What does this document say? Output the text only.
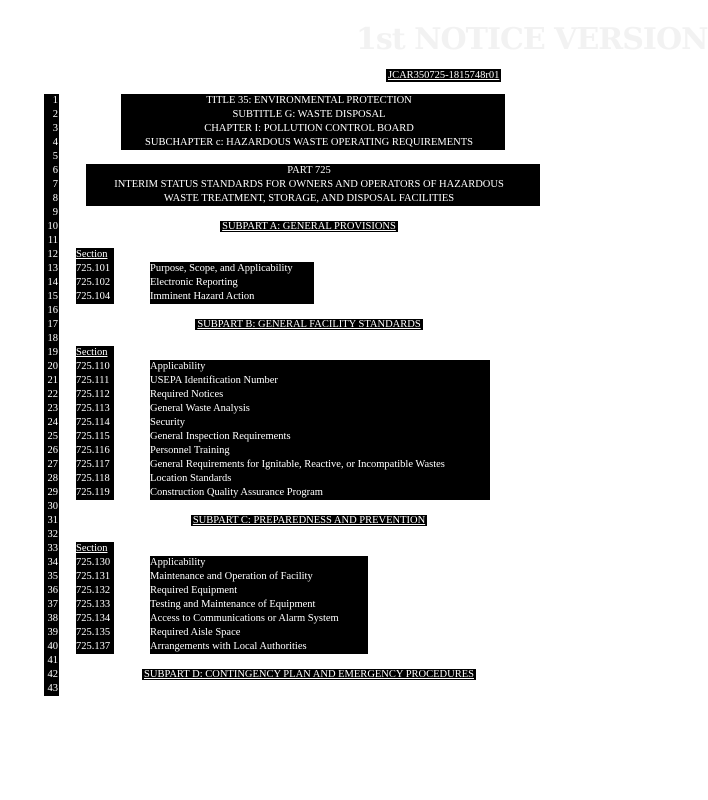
1st NOTICE VERSION
JCAR350725-1815748r01
1
2
3
4
5
6
7
8
9
10
11
12
13
14
15
16
17
18
19
20
21
22
23
24
25
26
27
28
29
30
31
32
33
34
35
36
37
38
39
40
41
42
43
TITLE 35: ENVIRONMENTAL PROTECTION
SUBTITLE G: WASTE DISPOSAL
CHAPTER I: POLLUTION CONTROL BOARD
SUBCHAPTER c: HAZARDOUS WASTE OPERATING REQUIREMENTS
PART 725
INTERIM STATUS STANDARDS FOR OWNERS AND OPERATORS OF HAZARDOUS
WASTE TREATMENT, STORAGE, AND DISPOSAL FACILITIES
SUBPART A: GENERAL PROVISIONS
Section
725.101	Purpose, Scope, and Applicability
725.102	Electronic Reporting
725.104	Imminent Hazard Action
SUBPART B: GENERAL FACILITY STANDARDS
Section
725.110	Applicability
725.111	USEPA Identification Number
725.112	Required Notices
725.113	General Waste Analysis
725.114	Security
725.115	General Inspection Requirements
725.116	Personnel Training
725.117	General Requirements for Ignitable, Reactive, or Incompatible Wastes
725.118	Location Standards
725.119	Construction Quality Assurance Program
SUBPART C: PREPAREDNESS AND PREVENTION
Section
725.130	Applicability
725.131	Maintenance and Operation of Facility
725.132	Required Equipment
725.133	Testing and Maintenance of Equipment
725.134	Access to Communications or Alarm System
725.135	Required Aisle Space
725.137	Arrangements with Local Authorities
SUBPART D: CONTINGENCY PLAN AND EMERGENCY PROCEDURES
